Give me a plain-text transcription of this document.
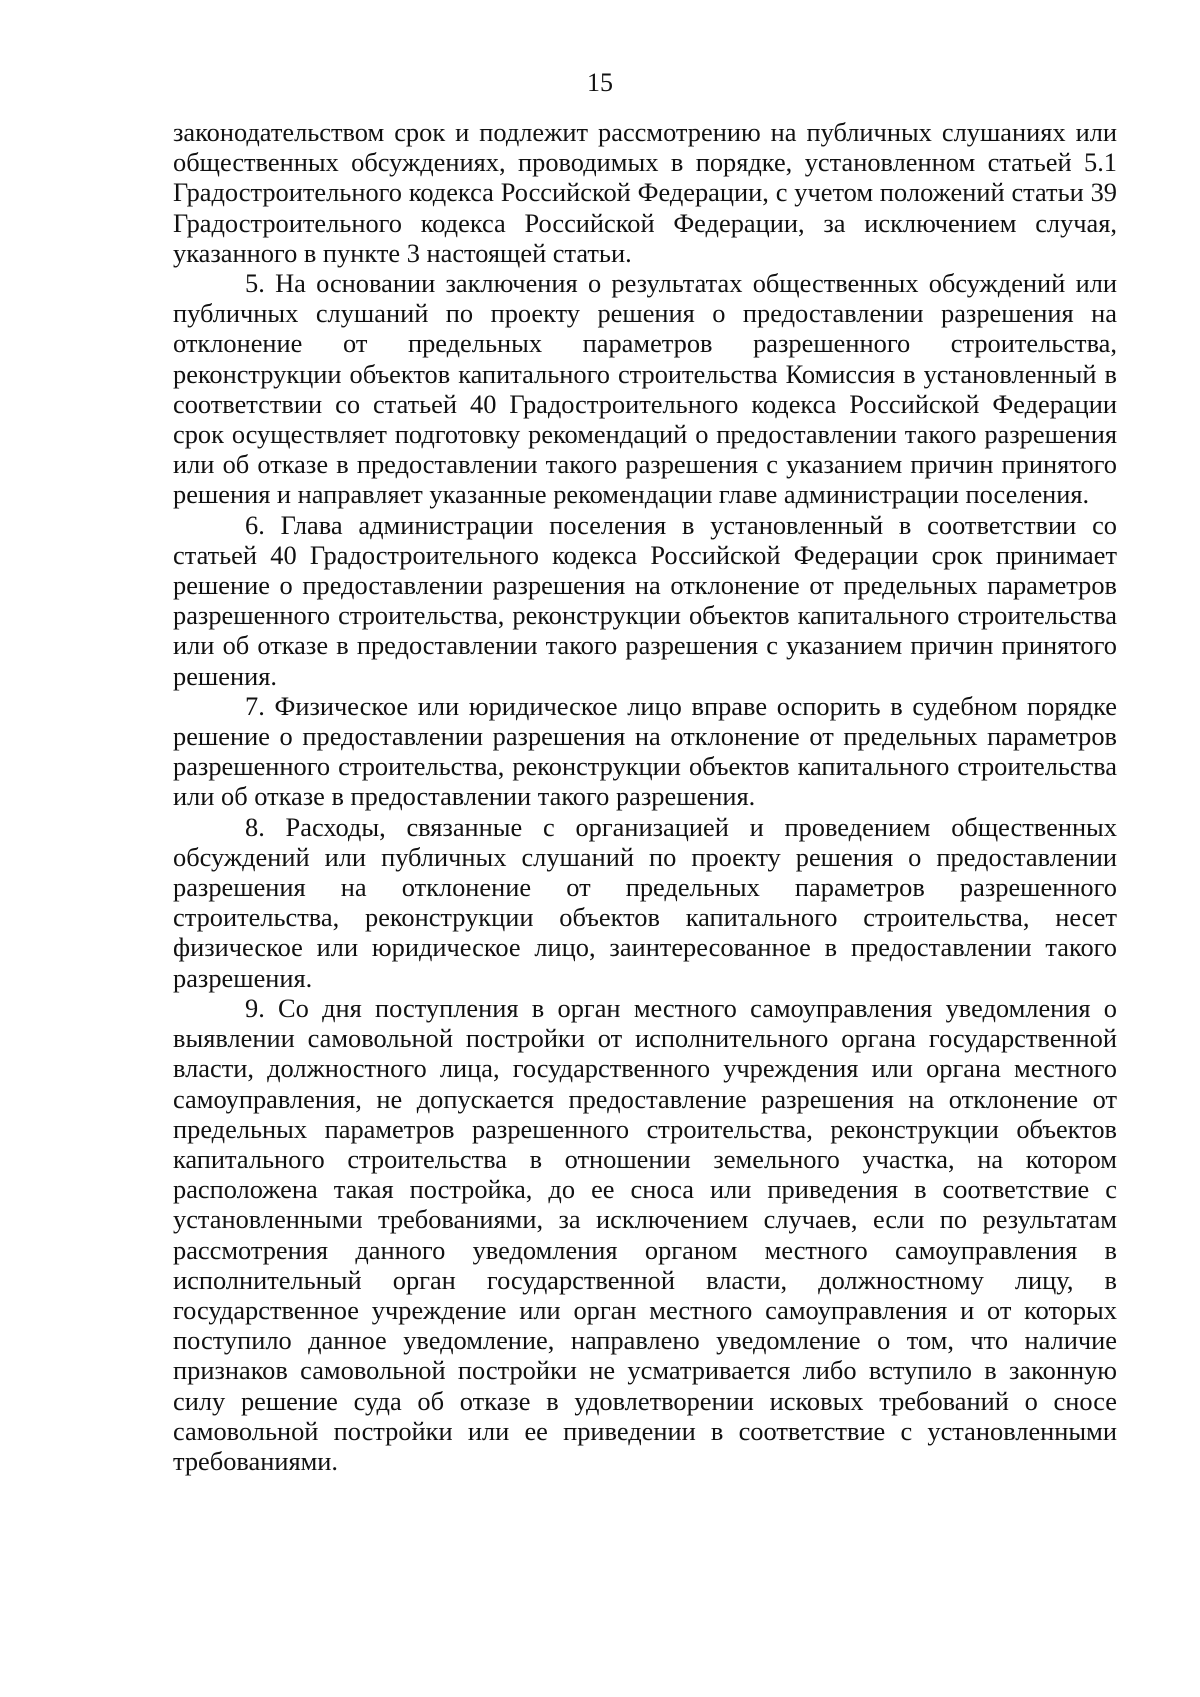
15

законодательством срок и подлежит рассмотрению на публичных слушаниях или общественных обсуждениях, проводимых в порядке, установленном статьей 5.1 Градостроительного кодекса Российской Федерации, с учетом положений статьи 39 Градостроительного кодекса Российской Федерации, за исключением случая, указанного в пункте 3 настоящей статьи.

5. На основании заключения о результатах общественных обсуждений или публичных слушаний по проекту решения о предоставлении разрешения на отклонение от предельных параметров разрешенного строительства, реконструкции объектов капитального строительства Комиссия в установленный в соответствии со статьей 40 Градостроительного кодекса Российской Федерации срок осуществляет подготовку рекомендаций о предоставлении такого разрешения или об отказе в предоставлении такого разрешения с указанием причин принятого решения и направляет указанные рекомендации главе администрации поселения.

6. Глава администрации поселения в установленный в соответствии со статьей 40 Градостроительного кодекса Российской Федерации срок принимает решение о предоставлении разрешения на отклонение от предельных параметров разрешенного строительства, реконструкции объектов капитального строительства или об отказе в предоставлении такого разрешения с указанием причин принятого решения.

7. Физическое или юридическое лицо вправе оспорить в судебном порядке решение о предоставлении разрешения на отклонение от предельных параметров разрешенного строительства, реконструкции объектов капитального строительства или об отказе в предоставлении такого разрешения.

8. Расходы, связанные с организацией и проведением общественных обсуждений или публичных слушаний по проекту решения о предоставлении разрешения на отклонение от предельных параметров разрешенного строительства, реконструкции объектов капитального строительства, несет физическое или юридическое лицо, заинтересованное в предоставлении такого разрешения.

9. Со дня поступления в орган местного самоуправления уведомления о выявлении самовольной постройки от исполнительного органа государственной власти, должностного лица, государственного учреждения или органа местного самоуправления, не допускается предоставление разрешения на отклонение от предельных параметров разрешенного строительства, реконструкции объектов капитального строительства в отношении земельного участка, на котором расположена такая постройка, до ее сноса или приведения в соответствие с установленными требованиями, за исключением случаев, если по результатам рассмотрения данного уведомления органом местного самоуправления в исполнительный орган государственной власти, должностному лицу, в государственное учреждение или орган местного самоуправления и от которых поступило данное уведомление, направлено уведомление о том, что наличие признаков самовольной постройки не усматривается либо вступило в законную силу решение суда об отказе в удовлетворении исковых требований о сносе самовольной постройки или ее приведении в соответствие с установленными требованиями.
